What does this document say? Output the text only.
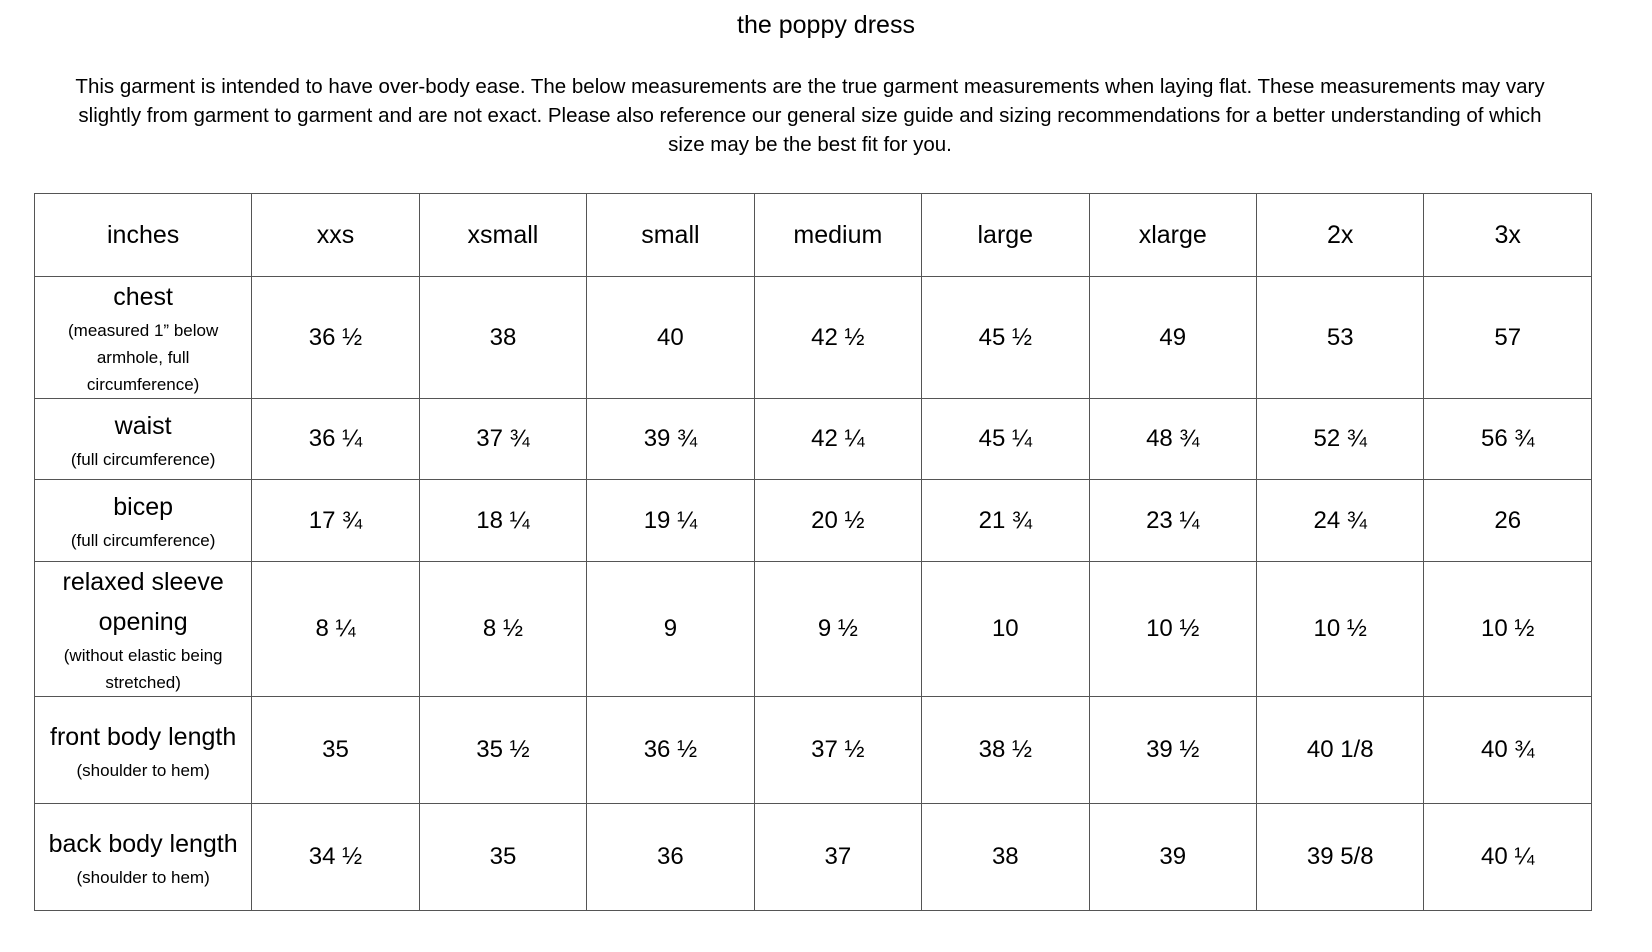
the poppy dress
This garment is intended to have over-body ease. The below measurements are the true garment measurements when laying flat. These measurements may vary slightly from garment to garment and are not exact. Please also reference our general size guide and sizing recommendations for a better understanding of which size may be the best fit for you.
inches	xxs	xsmall	small	medium	large	xlarge	2x	3x

chest
(measured 1” below armhole, full circumference)	36 ½	38	40	42 ½	45 ½	49	53	57

waist
(full circumference)	36 ¼	37 ¾	39 ¾	42 ¼	45 ¼	48 ¾	52 ¾	56 ¾

bicep
(full circumference)	17 ¾	18 ¼	19 ¼	20 ½	21 ¾	23 ¼	24 ¾	26

relaxed sleeve opening
(without elastic being stretched)	8 ¼	8 ½	9	9 ½	10	10 ½	10 ½	10 ½

front body length
(shoulder to hem)	35	35 ½	36 ½	37 ½	38 ½	39 ½	40 1/8	40 ¾

back body length
(shoulder to hem)	34 ½	35	36	37	38	39	39 5/8	40 ¼
